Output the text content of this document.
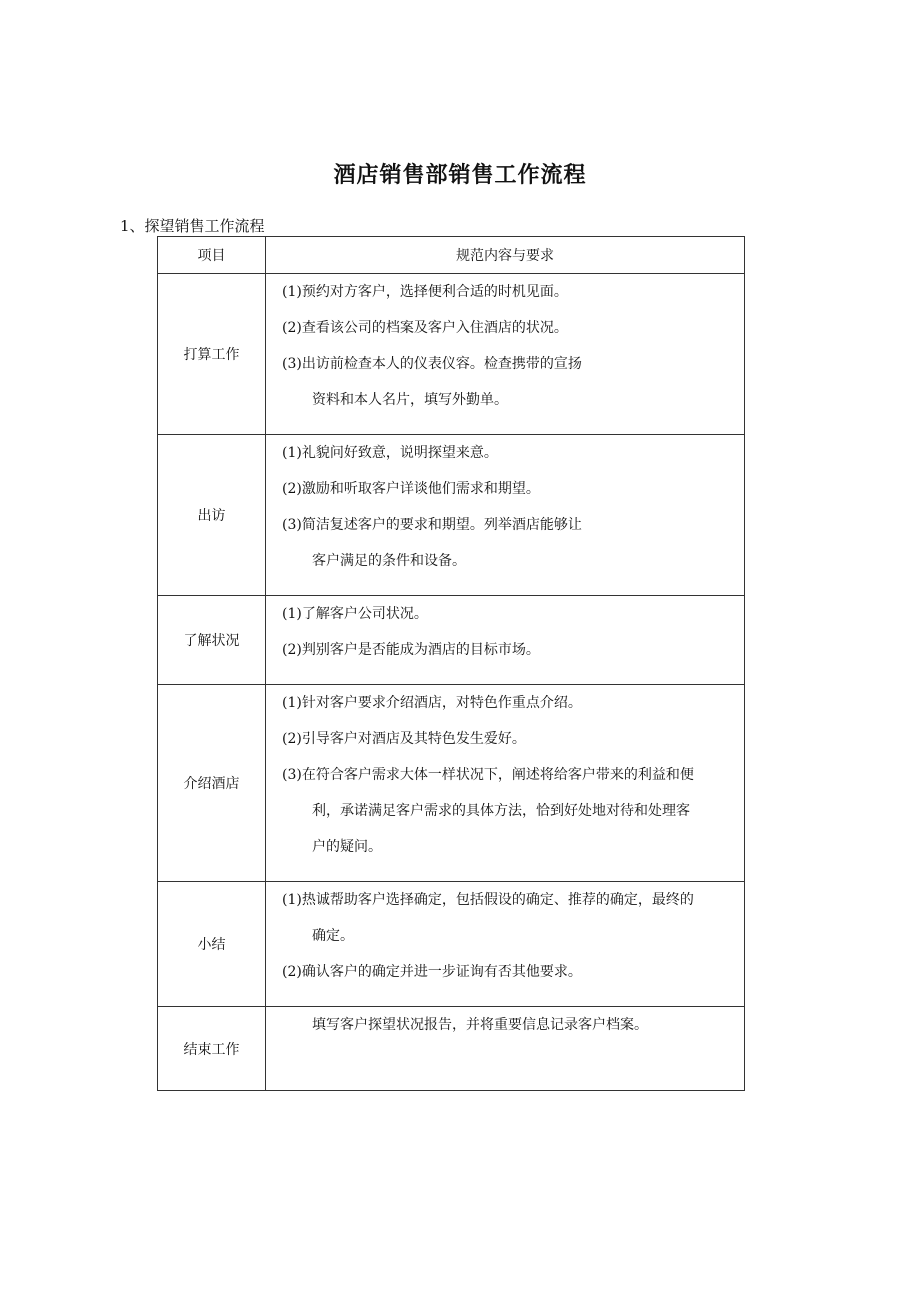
酒店销售部销售工作流程
1、探望销售工作流程
项目	规范内容与要求
打算工作	(1)预约对方客户，选择便利合适的时机见面。
(2)查看该公司的档案及客户入住酒店的状况。
(3)出访前检查本人的仪表仪容。检查携带的宣扬
资料和本人名片，填写外勤单。

出访	(1)礼貌问好致意，说明探望来意。
(2)激励和听取客户详谈他们需求和期望。
(3)简洁复述客户的要求和期望。列举酒店能够让
客户满足的条件和设备。

了解状况	(1)了解客户公司状况。
(2)判别客户是否能成为酒店的目标市场。

介绍酒店	(1)针对客户要求介绍酒店，对特色作重点介绍。
(2)引导客户对酒店及其特色发生爱好。
(3)在符合客户需求大体一样状况下，阐述将给客户带来的利益和便
利，承诺满足客户需求的具体方法，恰到好处地对待和处理客
户的疑问。

小结	(1)热诚帮助客户选择确定，包括假设的确定、推荐的确定，最终的
确定。
(2)确认客户的确定并进一步证询有否其他要求。

结束工作	填写客户探望状况报告，并将重要信息记录客户档案。
